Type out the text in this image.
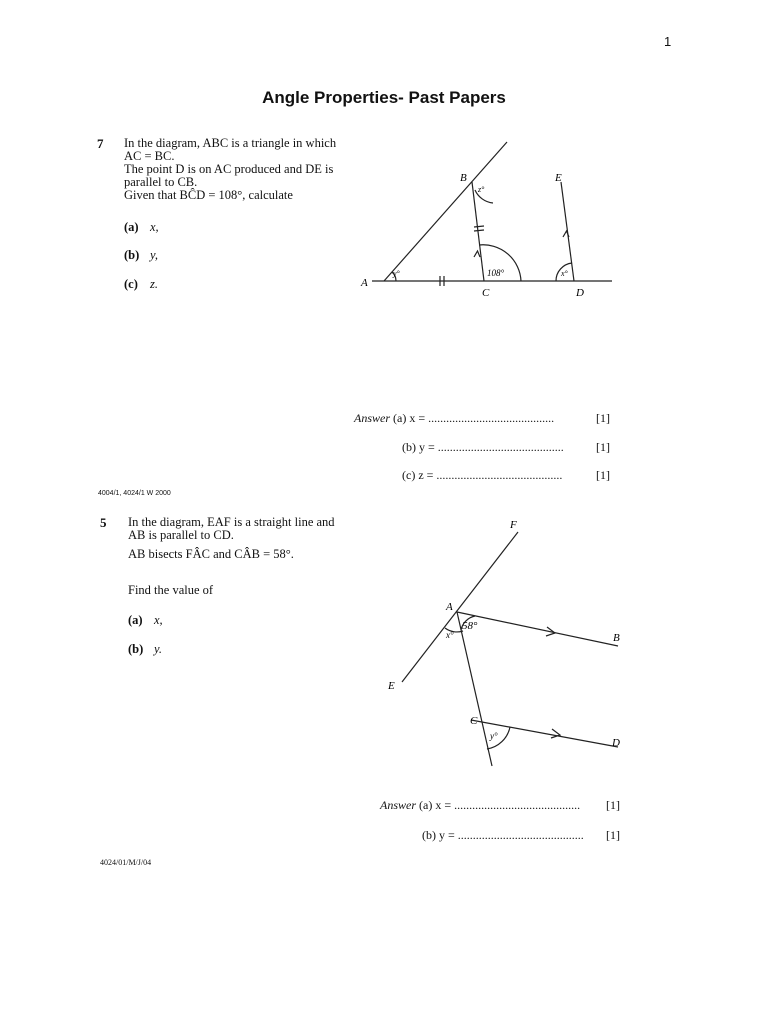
1
Angle Properties- Past Papers
7 In the diagram, ABC is a triangle in which
AC = BC.
The point D is on AC produced and DE is
parallel to CB.
Given that BĈD = 108°, calculate
(a) x,
(b) y,
(c) z.	A
B
C	D
E
y°
z°
108°	x°
Answer (a) x = ..........................................	[1]
(b) y = ..........................................	[1]
(c) z = ..........................................	[1]
4004/1, 4024/1 W 2000
5 In the diagram, EAF is a straight line and
AB is parallel to CD.
AB bisects FÂC and CÂB = 58°.
Find the value of
(a) x,
(b) y.
F
A
B
E
C
D
58°
x°
y°
Answer (a) x = .......................................... [1]
(b) y = .......................................... [1]
4024/01/M/J/04
